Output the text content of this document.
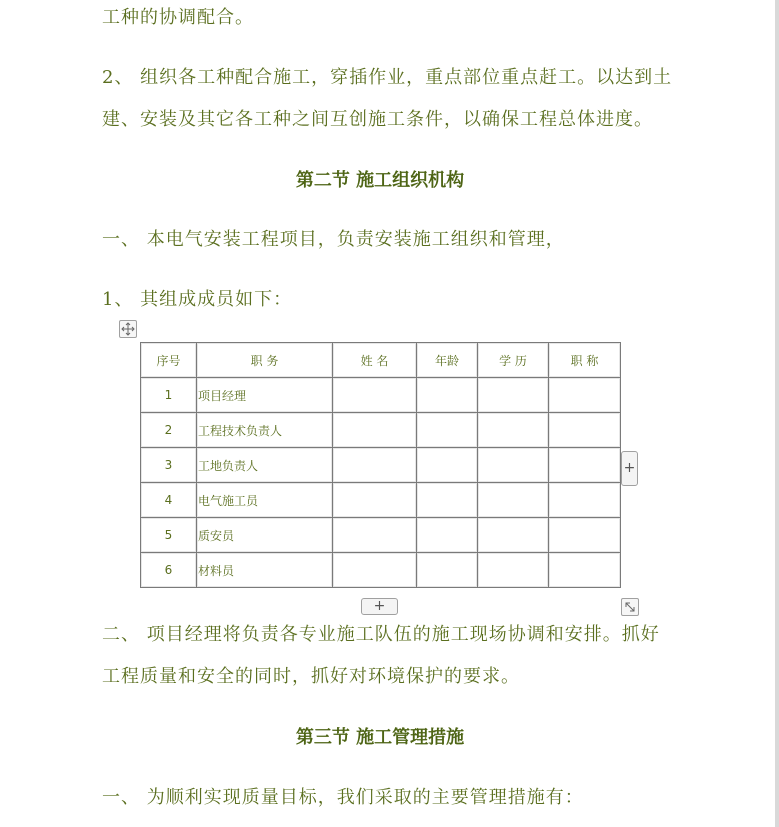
工种的协调配合。
2、 组织各工种配合施工，穿插作业，重点部位重点赶工。以达到土
建、安装及其它各工种之间互创施工条件，以确保工程总体进度。
第二节 施工组织机构
一、 本电气安装工程项目，负责安装施工组织和管理，
1、 其组成成员如下：
序号	职 务	姓 名	年龄	学 历	职 称
1	项目经理				
2	工程技术负责人				
3	工地负责人				
4	电气施工员				
5	质安员				
6	材料员				
+
+
二、 项目经理将负责各专业施工队伍的施工现场协调和安排。抓好
工程质量和安全的同时，抓好对环境保护的要求。
第三节 施工管理措施
一、 为顺利实现质量目标，我们采取的主要管理措施有：
